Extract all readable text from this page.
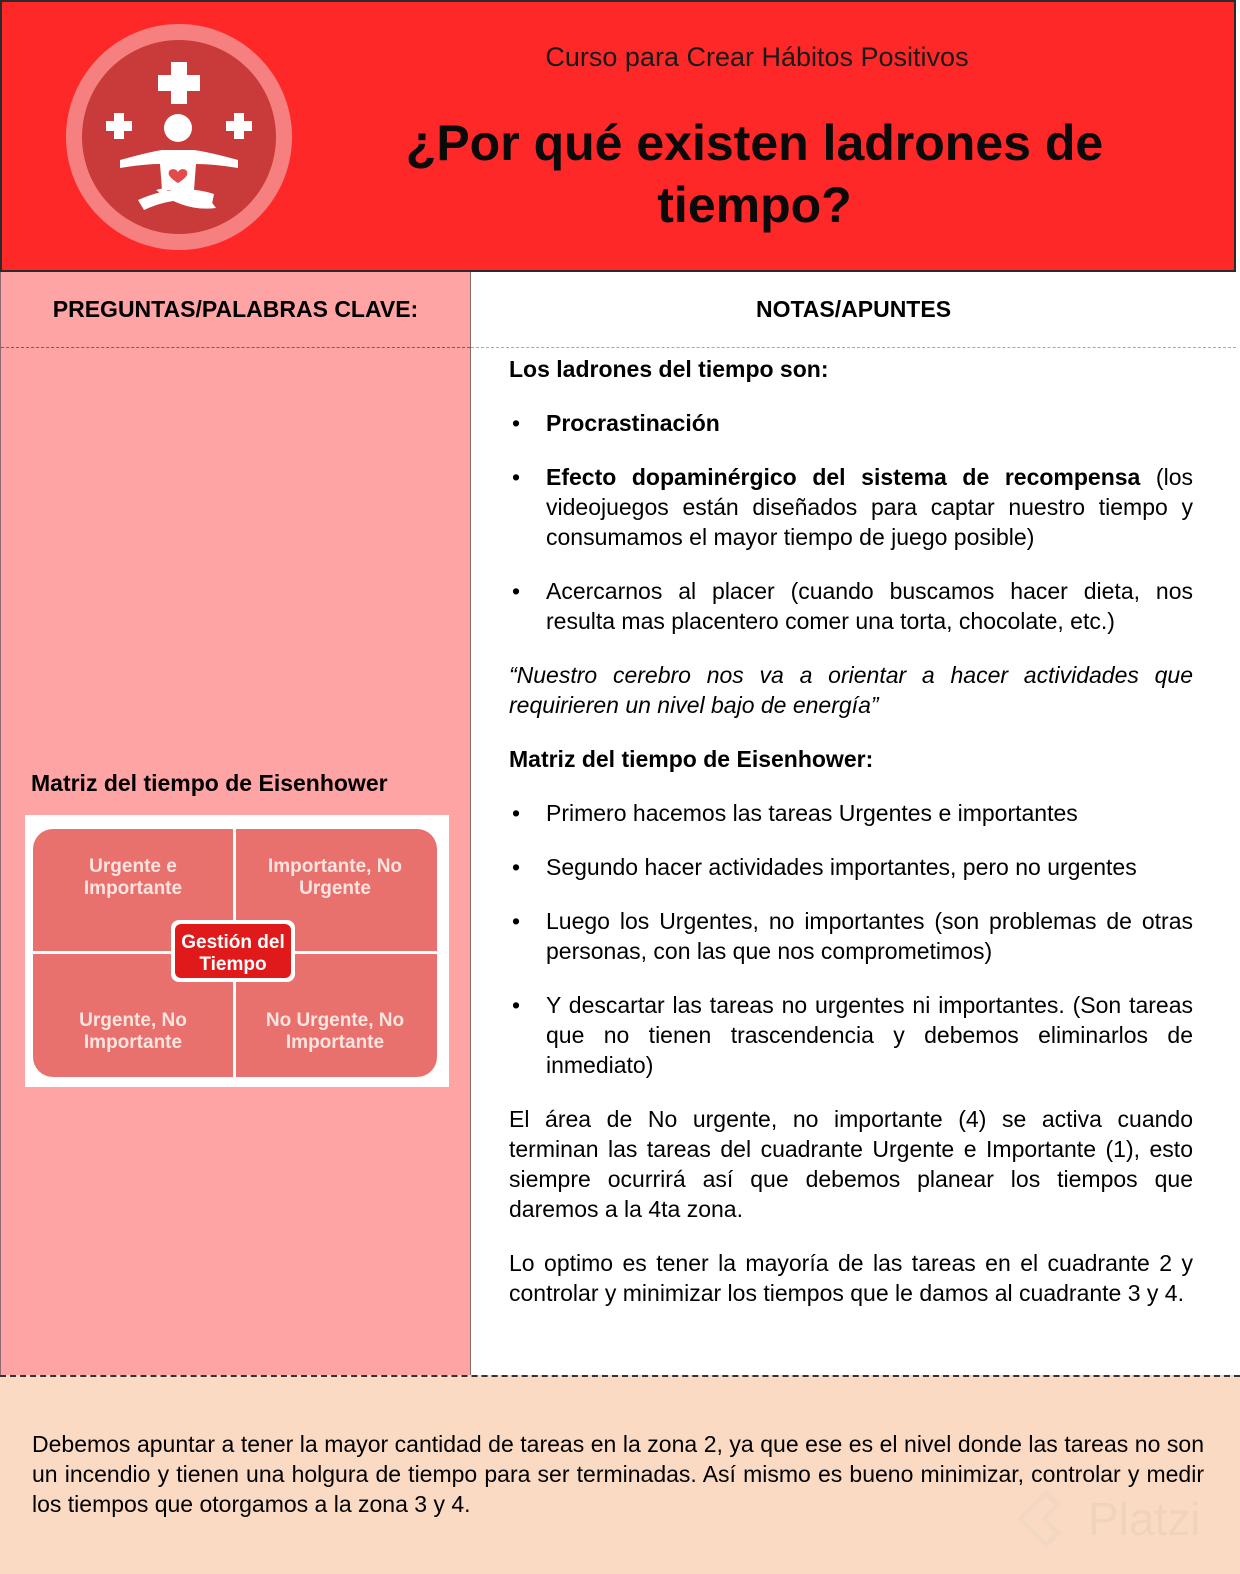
Curso para Crear Hábitos Positivos
¿Por qué existen ladrones de
tiempo?
PREGUNTAS/PALABRAS CLAVE:
Matriz del tiempo de Eisenhower
Urgente e
Importante
Importante, No
Urgente
Urgente, No
Importante
No Urgente, No
Importante
Gestión del
Tiempo
NOTAS/APUNTES

Los ladrones del tiempo son:

• Procrastinación
• Efecto dopaminérgico del sistema de recompensa (los videojuegos están diseñados para captar nuestro tiempo y consumamos el mayor tiempo de juego posible)
• Acercarnos al placer (cuando buscamos hacer dieta, nos resulta mas placentero comer una torta, chocolate, etc.)

“Nuestro cerebro nos va a orientar a hacer actividades que requirieren un nivel bajo de energía”

Matriz del tiempo de Eisenhower:

• Primero hacemos las tareas Urgentes e importantes
• Segundo hacer actividades importantes, pero no urgentes
• Luego los Urgentes, no importantes (son problemas de otras personas, con las que nos comprometimos)
• Y descartar las tareas no urgentes ni importantes. (Son tareas que no tienen trascendencia y debemos eliminarlos de inmediato)

El área de No urgente, no importante (4) se activa cuando terminan las tareas del cuadrante Urgente e Importante (1), esto siempre ocurrirá así que debemos planear los tiempos que daremos a la 4ta zona.

Lo optimo es tener la mayoría de las tareas en el cuadrante 2 y controlar y minimizar los tiempos que le damos al cuadrante 3 y 4.

Debemos apuntar a tener la mayor cantidad de tareas en la zona 2, ya que ese es el nivel donde las tareas no son un incendio y tienen una holgura de tiempo para ser terminadas. Así mismo es bueno minimizar, controlar y medir los tiempos que otorgamos a la zona 3 y 4.	Platzi
